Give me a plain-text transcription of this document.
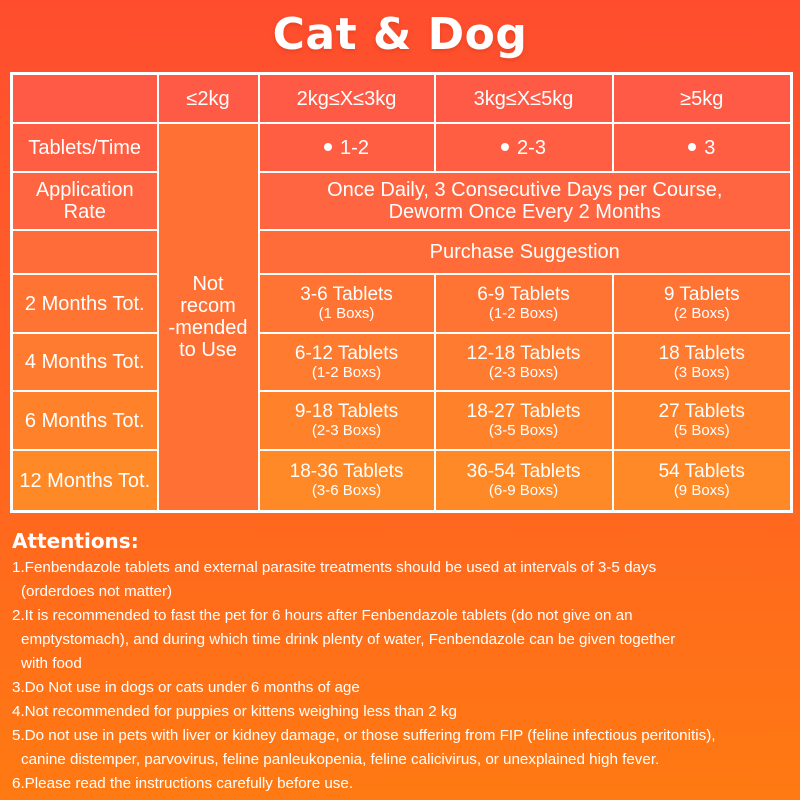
Cat & Dog
	≤2kg	2kg≤X≤3kg	3kg≤X≤5kg	≥5kg
Tablets/Time	Not
recom
-mended
to Use	1-2	2-3	3

Application
Rate		Once Daily, 3 Consecutive Days per Course,
Deworm Once Every 2 Months		

		Purchase Suggestion		
2 Months Tot.		3-6 Tablets
(1 Boxs)	6-9 Tablets
(1-2 Boxs)	9 Tablets
(2 Boxs)

4 Months Tot.		6-12 Tablets
(1-2 Boxs)	12-18 Tablets
(2-3 Boxs)	18 Tablets
(3 Boxs)

6 Months Tot.		9-18 Tablets
(2-3 Boxs)	18-27 Tablets
(3-5 Boxs)	27 Tablets
(5 Boxs)

12 Months Tot.		18-36 Tablets
(3-6 Boxs)	36-54 Tablets
(6-9 Boxs)	54 Tablets
(9 Boxs)
Attentions:
1.Fenbendazole tablets and external parasite treatments should be used at intervals of 3-5 days
(orderdoes not matter)
2.It is recommended to fast the pet for 6 hours after Fenbendazole tablets (do not give on an
emptystomach), and during which time drink plenty of water, Fenbendazole can be given together
with food
3.Do Not use in dogs or cats under 6 months of age
4.Not recommended for puppies or kittens weighing less than 2 kg
5.Do not use in pets with liver or kidney damage, or those suffering from FIP (feline infectious peritonitis),
canine distemper, parvovirus, feline panleukopenia, feline calicivirus, or unexplained high fever.
6.Please read the instructions carefully before use.
